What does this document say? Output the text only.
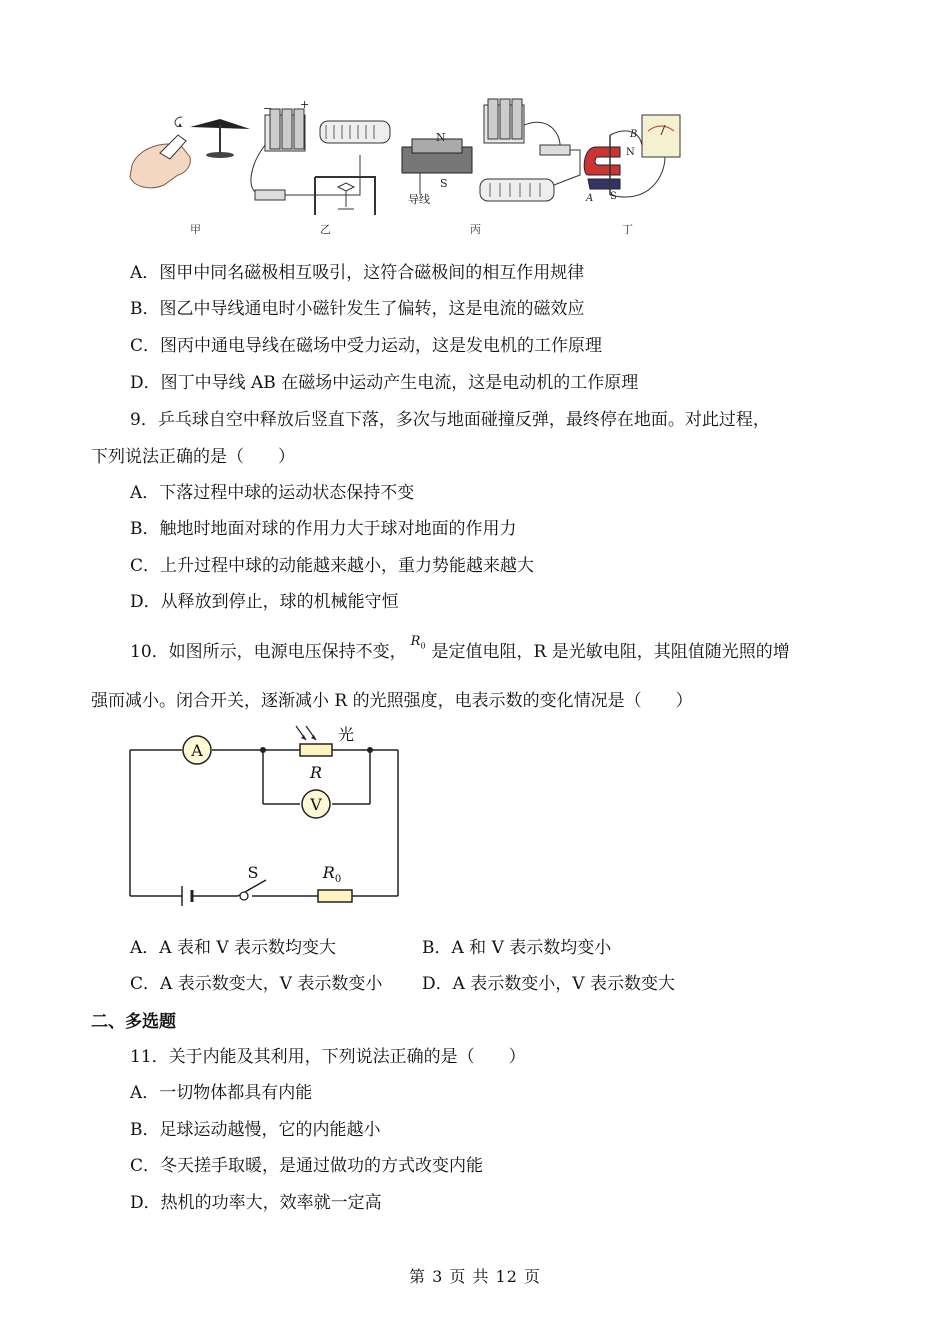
+
−
N
S
导线
N
S
A
B
甲	乙	丙	丁
A．图甲中同名磁极相互吸引，这符合磁极间的相互作用规律
B．图乙中导线通电时小磁针发生了偏转，这是电流的磁效应
C．图丙中通电导线在磁场中受力运动，这是发电机的工作原理
D．图丁中导线 AB 在磁场中运动产生电流，这是电动机的工作原理
9．乒乓球自空中释放后竖直下落，多次与地面碰撞反弹，最终停在地面。对此过程，
下列说法正确的是（　　）
A．下落过程中球的运动状态保持不变
B．触地时地面对球的作用力大于球对地面的作用力
C．上升过程中球的动能越来越小，重力势能越来越大
D．从释放到停止，球的机械能守恒
10．如图所示，电源电压保持不变，$R_0$ 是定值电阻，R 是光敏电阻，其阻值随光照的增
强而减小。闭合开关，逐渐减小 R 的光照强度，电表示数的变化情况是（　　）
A
V
光
R
$R_0$
S
A．A 表和 V 表示数均变大	B．A 和 V 表示数均变小
C．A 表示数变大，V 表示数变小 D．A 表示数变小，V 表示数变大
二、多选题
11．关于内能及其利用，下列说法正确的是（　　）
A．一切物体都具有内能
B．足球运动越慢，它的内能越小
C．冬天搓手取暖，是通过做功的方式改变内能
D．热机的功率大，效率就一定高
第 3 页 共 12 页
